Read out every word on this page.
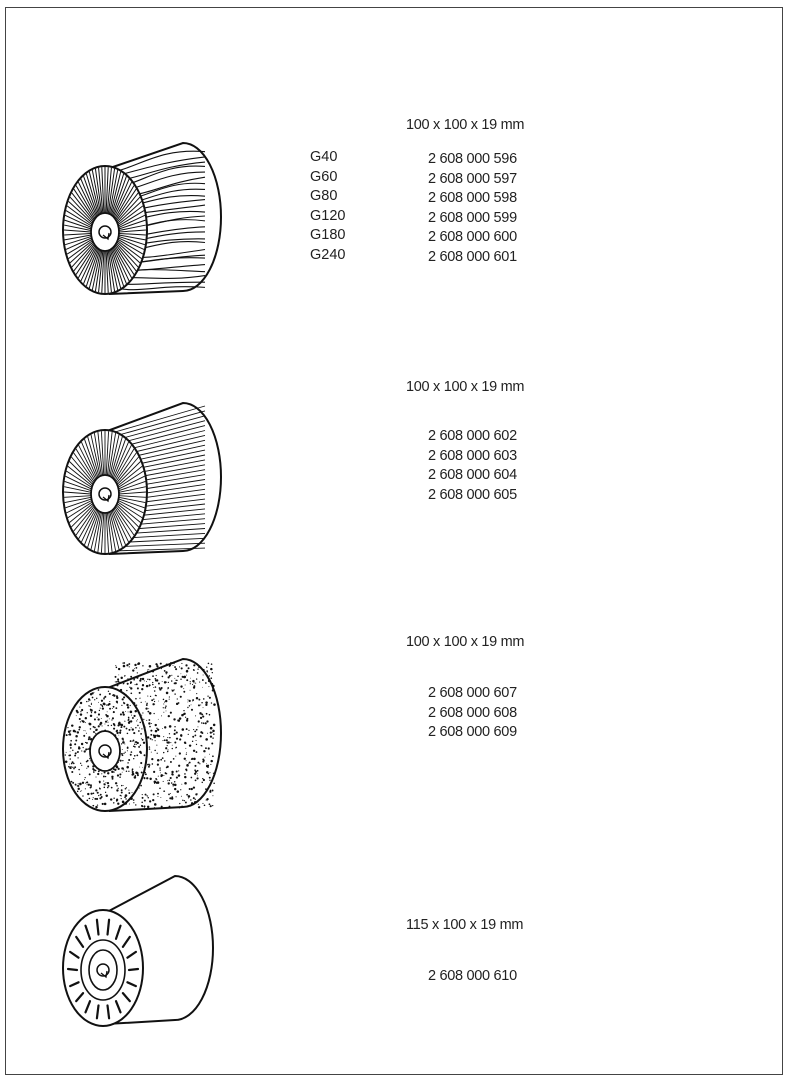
100 x 100 x 19 mm
G40
G60
G80
G120
G180
G240
2 608 000 596
2 608 000 597
2 608 000 598
2 608 000 599
2 608 000 600
2 608 000 601
100 x 100 x 19 mm
2 608 000 602
2 608 000 603
2 608 000 604
2 608 000 605
100 x 100 x 19 mm
2 608 000 607
2 608 000 608
2 608 000 609
115 x 100 x 19 mm
2 608 000 610
